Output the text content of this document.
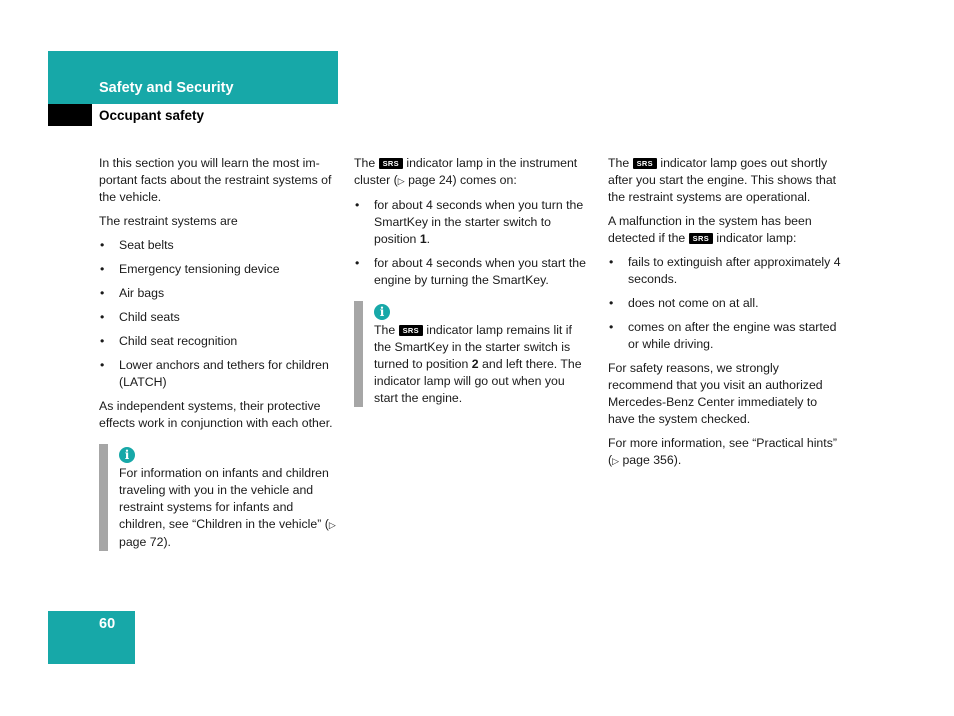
Safety and Security
Occupant safety

In this section you will learn the most im-portant facts about the restraint systems of the vehicle.

The restraint systems are

• Seat belts
• Emergency tensioning device
• Air bags
• Child seats
• Child seat recognition
• Lower anchors and tethers for children (LATCH)

As independent systems, their protective effects work in conjunction with each other.

i

For information on infants and children traveling with you in the vehicle and restraint systems for infants and children, see “Children in the vehicle” (▷ page 72).

The SRS indicator lamp in the instrument cluster (▷ page 24) comes on:

• for about 4 seconds when you turn the SmartKey in the starter switch to position 1.
• for about 4 seconds when you start the engine by turning the SmartKey.
i

The SRS indicator lamp remains lit if the SmartKey in the starter switch is turned to position 2 and left there. The indicator lamp will go out when you start the engine.

The SRS indicator lamp goes out shortly after you start the engine. This shows that the restraint systems are operational.

A malfunction in the system has been detected if the SRS indicator lamp:

• fails to extinguish after approximately 4 seconds.
• does not come on at all.
• comes on after the engine was started or while driving.

For safety reasons, we strongly recommend that you visit an authorized Mercedes-Benz Center immediately to have the system checked.

For more information, see “Practical hints” (▷ page 356).

60
